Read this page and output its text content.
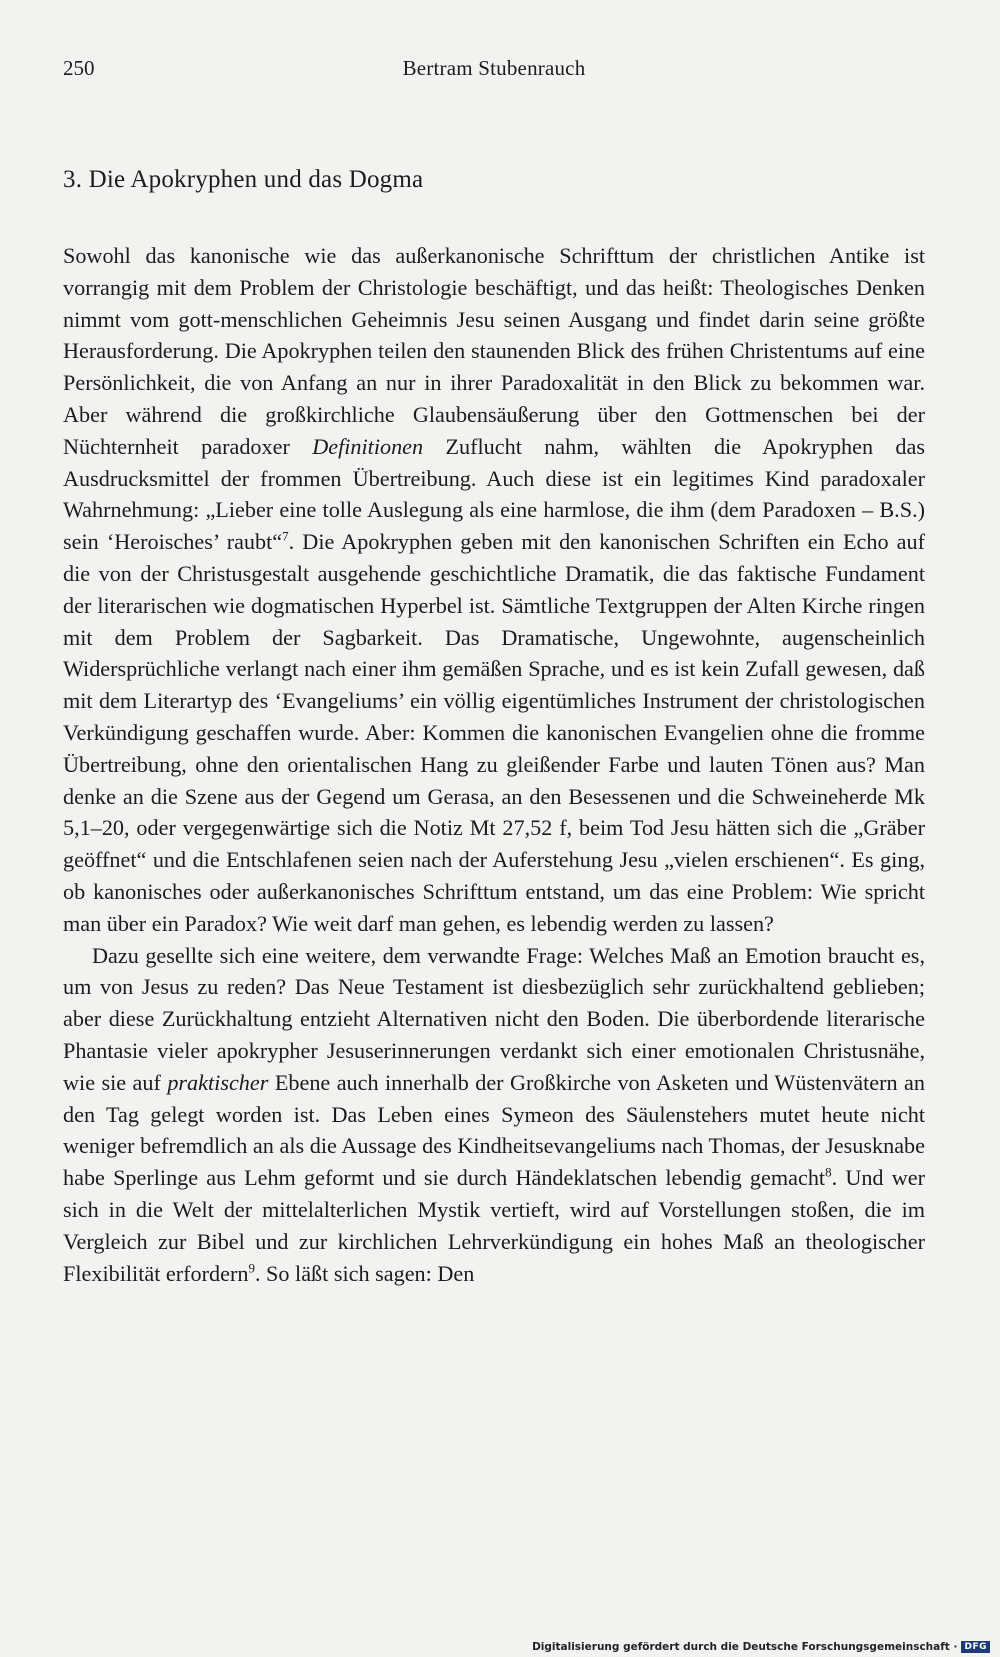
250	Bertram Stubenrauch
3. Die Apokryphen und das Dogma

Sowohl das kanonische wie das außerkanonische Schrifttum der christlichen Antike ist vorrangig mit dem Problem der Christologie beschäftigt, und das heißt: Theologisches Denken nimmt vom gott-menschlichen Geheimnis Jesu seinen Ausgang und findet darin seine größte Herausforderung. Die Apokryphen teilen den staunenden Blick des frühen Christentums auf eine Persönlichkeit, die von Anfang an nur in ihrer Paradoxalität in den Blick zu bekommen war. Aber während die großkirchliche Glaubensäußerung über den Gottmenschen bei der Nüchternheit paradoxer Definitionen Zuflucht nahm, wählten die Apokryphen das Ausdrucksmittel der frommen Übertreibung. Auch diese ist ein legitimes Kind paradoxaler Wahrnehmung: „Lieber eine tolle Auslegung als eine harmlose, die ihm (dem Paradoxen – B.S.) sein ‘Heroisches’ raubt“$^7$. Die Apokryphen geben mit den kanonischen Schriften ein Echo auf die von der Christusgestalt ausgehende geschichtliche Dramatik, die das faktische Fundament der literarischen wie dogmatischen Hyperbel ist. Sämtliche Textgruppen der Alten Kirche ringen mit dem Problem der Sagbarkeit. Das Dramatische, Ungewohnte, augenscheinlich Widersprüchliche verlangt nach einer ihm gemäßen Sprache, und es ist kein Zufall gewesen, daß mit dem Literartyp des ‘Evangeliums’ ein völlig eigentümliches Instrument der christologischen Verkündigung geschaffen wurde. Aber: Kommen die kanonischen Evangelien ohne die fromme Übertreibung, ohne den orientalischen Hang zu gleißender Farbe und lauten Tönen aus? Man denke an die Szene aus der Gegend um Gerasa, an den Besessenen und die Schweineherde Mk 5,1–20, oder vergegenwärtige sich die Notiz Mt 27,52 f, beim Tod Jesu hätten sich die „Gräber geöffnet“ und die Entschlafenen seien nach der Auferstehung Jesu „vielen erschienen“. Es ging, ob kanonisches oder außerkanonisches Schrifttum entstand, um das eine Problem: Wie spricht man über ein Paradox? Wie weit darf man gehen, es lebendig werden zu lassen?

Dazu gesellte sich eine weitere, dem verwandte Frage: Welches Maß an Emotion braucht es, um von Jesus zu reden? Das Neue Testament ist diesbezüglich sehr zurückhaltend geblieben; aber diese Zurückhaltung entzieht Alternativen nicht den Boden. Die überbordende literarische Phantasie vieler apokrypher Jesuserinnerungen verdankt sich einer emotionalen Christusnähe, wie sie auf praktischer Ebene auch innerhalb der Großkirche von Asketen und Wüstenvätern an den Tag gelegt worden ist. Das Leben eines Symeon des Säulenstehers mutet heute nicht weniger befremdlich an als die Aussage des Kindheitsevangeliums nach Thomas, der Jesusknabe habe Sperlinge aus Lehm geformt und sie durch Händeklatschen lebendig gemacht$^8$. Und wer sich in die Welt der mittelalterlichen Mystik vertieft, wird auf Vorstellungen stoßen, die im Vergleich zur Bibel und zur kirchlichen Lehrverkündigung ein hohes Maß an theologischer Flexibilität erfordern$^9$. So läßt sich sagen: Den

Digitalisierung gefördert durch die Deutsche Forschungsgemeinschaft · DFG
